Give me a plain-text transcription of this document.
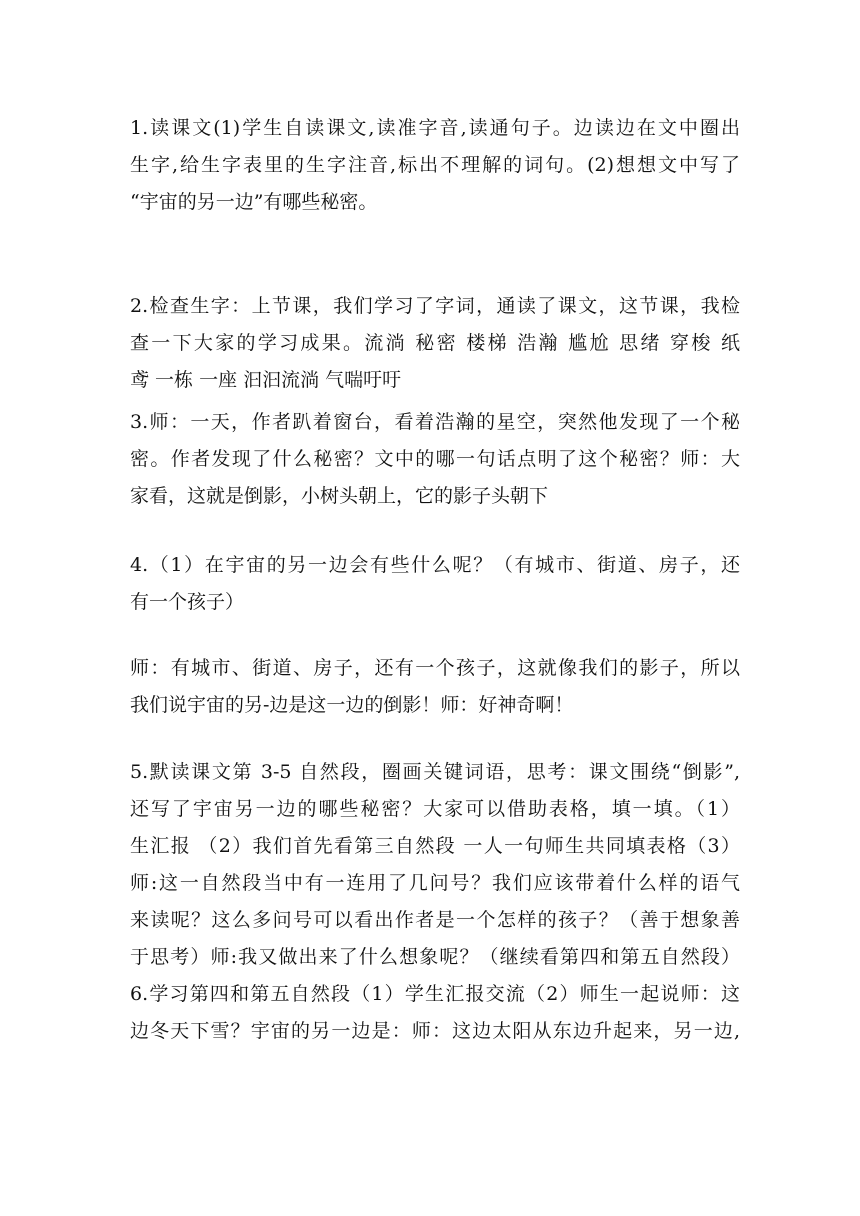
1.读课文(1)学生自读课文,读准字音,读通句子。边读边在文中圈出
生字,给生字表里的生字注音,标出不理解的词句。(2)想想文中写了
“宇宙的另一边”有哪些秘密。
2.检查生字：上节课，我们学习了字词，通读了课文，这节课，我检
查一下大家的学习成果。流淌 秘密 楼梯 浩瀚 尴尬 思绪 穿梭 纸
鸢 一栋 一座 汩汩流淌 气喘吁吁
3.师：一天，作者趴着窗台，看着浩瀚的星空，突然他发现了一个秘
密。作者发现了什么秘密？文中的哪一句话点明了这个秘密？师：大
家看，这就是倒影，小树头朝上，它的影子头朝下
4.（1）在宇宙的另一边会有些什么呢？（有城市、街道、房子，还
有一个孩子）
师：有城市、街道、房子，还有一个孩子，这就像我们的影子，所以
我们说宇宙的另-边是这一边的倒影！师：好神奇啊！
5.默读课文第 3-5 自然段，圈画关键词语，思考：课文围绕“倒影”,
还写了宇宙另一边的哪些秘密？大家可以借助表格，填一填。（1）
生汇报 （2）我们首先看第三自然段 一人一句师生共同填表格（3）
师:这一自然段当中有一连用了几问号？我们应该带着什么样的语气
来读呢？这么多问号可以看出作者是一个怎样的孩子？（善于想象善
于思考）师:我又做出来了什么想象呢？（继续看第四和第五自然段）
6.学习第四和第五自然段（1）学生汇报交流（2）师生一起说师：这
边冬天下雪？宇宙的另一边是：师：这边太阳从东边升起来，另一边,
